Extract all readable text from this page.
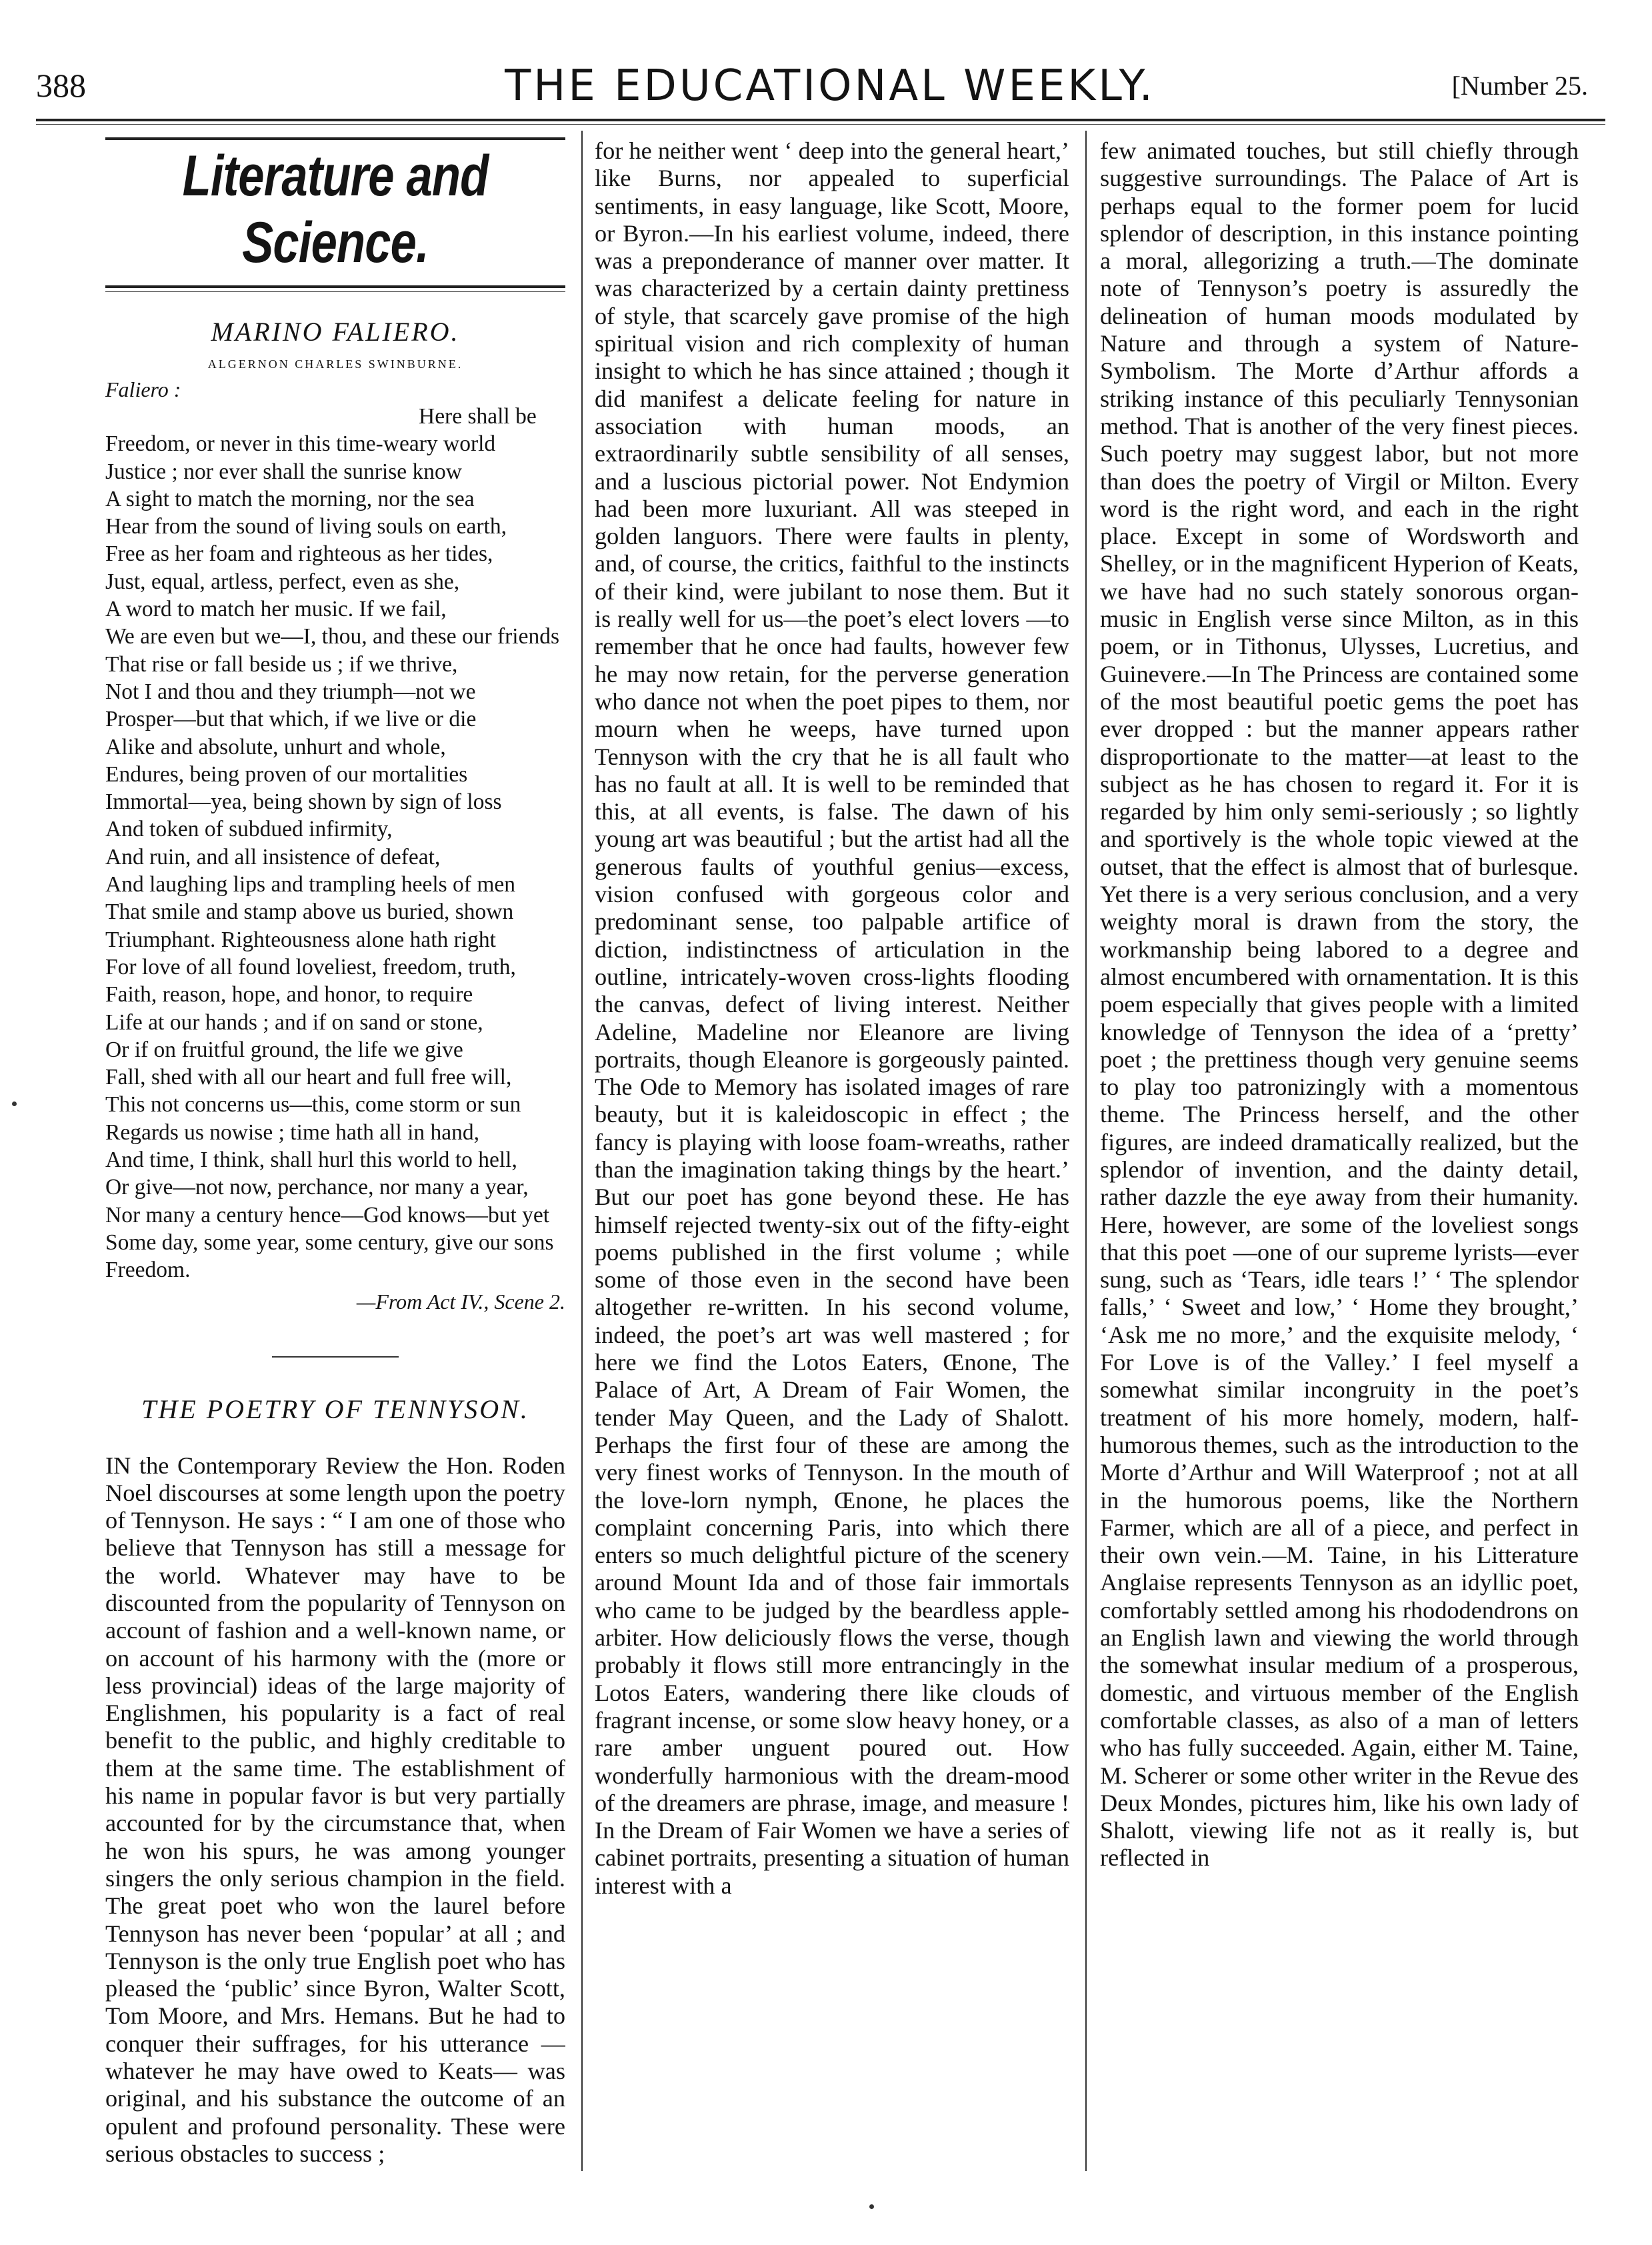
388	THE EDUCATIONAL WEEKLY.	[Number 25.
Literature and Science.
MARINO FALIERO.
ALGERNON CHARLES SWINBURNE.
Faliero :
Here shall be
Freedom, or never in this time-weary world
Justice ; nor ever shall the sunrise know
A sight to match the morning, nor the sea
Hear from the sound of living souls on earth,
Free as her foam and righteous as her tides,
Just, equal, artless, perfect, even as she,
A word to match her music. If we fail,
We are even but we—I, thou, and these our friends
That rise or fall beside us ; if we thrive,
Not I and thou and they triumph—not we
Prosper—but that which, if we live or die
Alike and absolute, unhurt and whole,
Endures, being proven of our mortalities
Immortal—yea, being shown by sign of loss
And token of subdued infirmity,
And ruin, and all insistence of defeat,
And laughing lips and trampling heels of men
That smile and stamp above us buried, shown
Triumphant. Righteousness alone hath right
For love of all found loveliest, freedom, truth,
Faith, reason, hope, and honor, to require
Life at our hands ; and if on sand or stone,
Or if on fruitful ground, the life we give
Fall, shed with all our heart and full free will,
This not concerns us—this, come storm or sun
Regards us nowise ; time hath all in hand,
And time, I think, shall hurl this world to hell,
Or give—not now, perchance, nor many a year,
Nor many a century hence—God knows—but yet
Some day, some year, some century, give our sons
Freedom.
—From Act IV., Scene 2.
THE POETRY OF TENNYSON.

IN the Contemporary Review the Hon. Roden Noel discourses at some length upon the poetry of Tennyson. He says : “ I am one of those who believe that Tennyson has still a message for the world. Whatever may have to be discounted from the popularity of Tennyson on account of fashion and a well-known name, or on account of his harmony with the (more or less provincial) ideas of the large majority of Englishmen, his popularity is a fact of real benefit to the public, and highly creditable to them at the same time. The establishment of his name in popular favor is but very partially accounted for by the circumstance that, when he won his spurs, he was among younger singers the only serious champion in the field. The great poet who won the laurel before Tennyson has never been ‘popular’ at all ; and Tennyson is the only true English poet who has pleased the ‘public’ since Byron, Walter Scott, Tom Moore, and Mrs. Hemans. But he had to conquer their suffrages, for his utterance —whatever he may have owed to Keats— was original, and his substance the outcome of an opulent and profound personality. These were serious obstacles to success ;

for he neither went ‘ deep into the general heart,’ like Burns, nor appealed to superficial sentiments, in easy language, like Scott, Moore, or Byron.—In his earliest volume, indeed, there was a preponderance of manner over matter. It was characterized by a certain dainty prettiness of style, that scarcely gave promise of the high spiritual vision and rich complexity of human insight to which he has since attained ; though it did manifest a delicate feeling for nature in association with human moods, an extraordinarily subtle sensibility of all senses, and a luscious pictorial power. Not Endymion had been more luxuriant. All was steeped in golden languors. There were faults in plenty, and, of course, the critics, faithful to the instincts of their kind, were jubilant to nose them. But it is really well for us—the poet’s elect lovers —to remember that he once had faults, however few he may now retain, for the perverse generation who dance not when the poet pipes to them, nor mourn when he weeps, have turned upon Tennyson with the cry that he is all fault who has no fault at all. It is well to be reminded that this, at all events, is false. The dawn of his young art was beautiful ; but the artist had all the generous faults of youthful genius—excess, vision confused with gorgeous color and predominant sense, too palpable artifice of diction, indistinctness of articulation in the outline, intricately-woven cross-lights flooding the canvas, defect of living interest. Neither Adeline, Madeline nor Eleanore are living portraits, though Eleanore is gorgeously painted. The Ode to Memory has isolated images of rare beauty, but it is kaleidoscopic in effect ; the fancy is playing with loose foam-wreaths, rather than the imagination taking things by the heart.’ But our poet has gone beyond these. He has himself rejected twenty-six out of the fifty-eight poems published in the first volume ; while some of those even in the second have been altogether re-written. In his second volume, indeed, the poet’s art was well mastered ; for here we find the Lotos Eaters, Œnone, The Palace of Art, A Dream of Fair Women, the tender May Queen, and the Lady of Shalott. Perhaps the first four of these are among the very finest works of Tennyson. In the mouth of the love-lorn nymph, Œnone, he places the complaint concerning Paris, into which there enters so much delightful picture of the scenery around Mount Ida and of those fair immortals who came to be judged by the beardless apple-arbiter. How deliciously flows the verse, though probably it flows still more entrancingly in the Lotos Eaters, wandering there like clouds of fragrant incense, or some slow heavy honey, or a rare amber unguent poured out. How wonderfully harmonious with the dream-mood of the dreamers are phrase, image, and measure ! In the Dream of Fair Women we have a series of cabinet portraits, presenting a situation of human interest with a

few animated touches, but still chiefly through suggestive surroundings. The Palace of Art is perhaps equal to the former poem for lucid splendor of description, in this instance pointing a moral, allegorizing a truth.—The dominate note of Tennyson’s poetry is assuredly the delineation of human moods modulated by Nature and through a system of Nature-Symbolism. The Morte d’Arthur affords a striking instance of this peculiarly Tennysonian method. That is another of the very finest pieces. Such poetry may suggest labor, but not more than does the poetry of Virgil or Milton. Every word is the right word, and each in the right place. Except in some of Wordsworth and Shelley, or in the magnificent Hyperion of Keats, we have had no such stately sonorous organ-music in English verse since Milton, as in this poem, or in Tithonus, Ulysses, Lucretius, and Guinevere.—In The Princess are contained some of the most beautiful poetic gems the poet has ever dropped : but the manner appears rather disproportionate to the matter—at least to the subject as he has chosen to regard it. For it is regarded by him only semi-seriously ; so lightly and sportively is the whole topic viewed at the outset, that the effect is almost that of burlesque. Yet there is a very serious conclusion, and a very weighty moral is drawn from the story, the workmanship being labored to a degree and almost encumbered with ornamentation. It is this poem especially that gives people with a limited knowledge of Tennyson the idea of a ‘pretty’ poet ; the prettiness though very genuine seems to play too patronizingly with a momentous theme. The Princess herself, and the other figures, are indeed dramatically realized, but the splendor of invention, and the dainty detail, rather dazzle the eye away from their humanity. Here, however, are some of the loveliest songs that this poet —one of our supreme lyrists—ever sung, such as ‘Tears, idle tears !’ ‘ The splendor falls,’ ‘ Sweet and low,’ ‘ Home they brought,’ ‘Ask me no more,’ and the exquisite melody, ‘ For Love is of the Valley.’ I feel myself a somewhat similar incongruity in the poet’s treatment of his more homely, modern, half-humorous themes, such as the introduction to the Morte d’Arthur and Will Waterproof ; not at all in the humorous poems, like the Northern Farmer, which are all of a piece, and perfect in their own vein.—M. Taine, in his Litterature Anglaise represents Tennyson as an idyllic poet, comfortably settled among his rhododendrons on an English lawn and viewing the world through the somewhat insular medium of a prosperous, domestic, and virtuous member of the English comfortable classes, as also of a man of letters who has fully succeeded. Again, either M. Taine, M. Scherer or some other writer in the Revue des Deux Mondes, pictures him, like his own lady of Shalott, viewing life not as it really is, but reflected in
